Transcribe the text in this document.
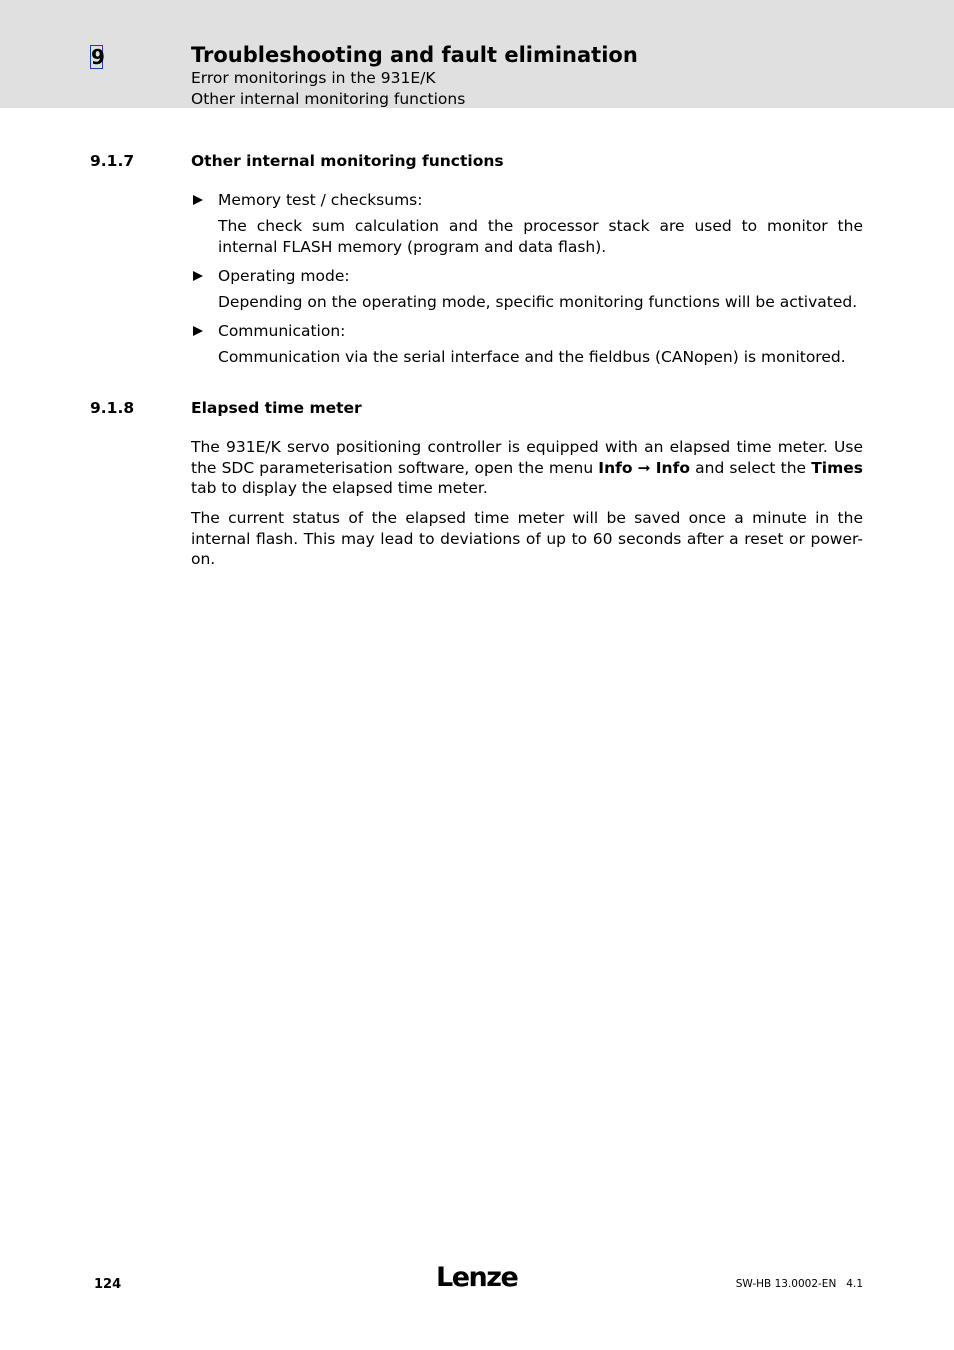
9	Troubleshooting and fault elimination
Error monitorings in the 931E/K
Other internal monitoring functions
9.1.7	Other internal monitoring functions
Memory test / checksums:

The check sum calculation and the processor stack are used to monitor the internal FLASH memory (program and data flash).

Operating mode:

Depending on the operating mode, specific monitoring functions will be activated.

Communication:

Communication via the serial interface and the fieldbus (CANopen) is monitored.

9.1.8	Elapsed time meter

The 931E/K servo positioning controller is equipped with an elapsed time meter. Use the SDC parameterisation software, open the menu Info ➞ Info and select the Times tab to display the elapsed time meter.

The current status of the elapsed time meter will be saved once a minute in the internal flash. This may lead to deviations of up to 60 seconds after a reset or power-on.

124	Lenze	SW-HB 13.0002-EN 4.1
